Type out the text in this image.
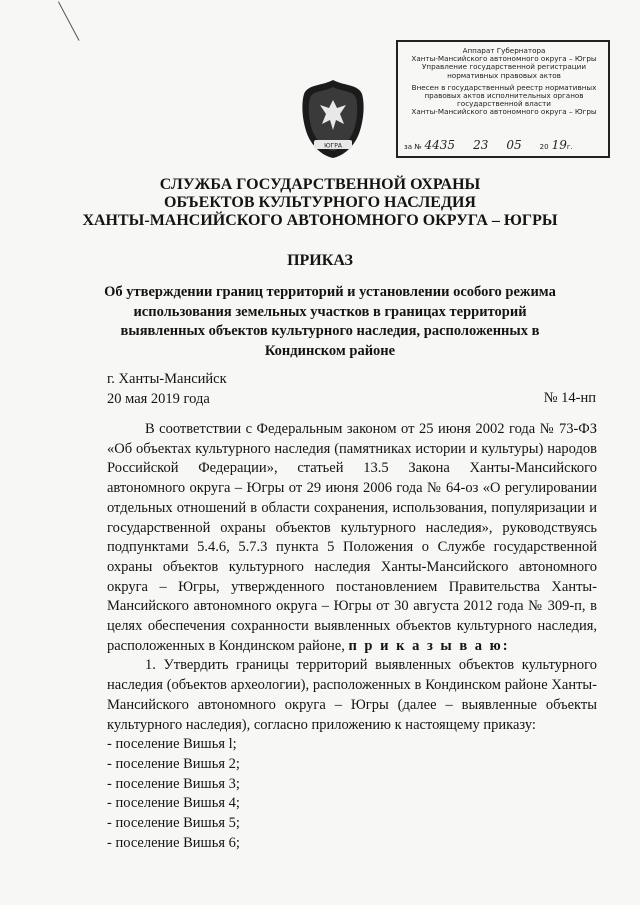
ЮГРА
Аппарат Губернатора
Ханты-Мансийского автономного округа – Югры
Управление государственной регистрации
нормативных правовых актов
Внесен в государственный реестр нормативных
правовых актов исполнительных органов
государственной власти
Ханты-Мансийского автономного округа – Югры
за № 4435 23 05	20 19 г.
СЛУЖБА ГОСУДАРСТВЕННОЙ ОХРАНЫ
ОБЪЕКТОВ КУЛЬТУРНОГО НАСЛЕДИЯ
ХАНТЫ-МАНСИЙСКОГО АВТОНОМНОГО ОКРУГА – ЮГРЫ
ПРИКАЗ
Об утверждении границ территорий и установлении особого режима использования земельных участков в границах территорий выявленных объектов культурного наследия, расположенных в Кондинском районе
г. Ханты-Мансийск
20 мая 2019 года	№ 14-нп

В соответствии с Федеральным законом от 25 июня 2002 года № 73-ФЗ «Об объектах культурного наследия (памятниках истории и культуры) народов Российской Федерации», статьей 13.5 Закона Ханты-Мансийского автономного округа – Югры от 29 июня 2006 года № 64-оз «О регулировании отдельных отношений в области сохранения, использования, популяризации и государственной охраны объектов культурного наследия», руководствуясь подпунктами 5.4.6, 5.7.3 пункта 5 Положения о Службе государственной охраны объектов культурного наследия Ханты-Мансийского автономного округа – Югры, утвержденного постановлением Правительства Ханты-Мансийского автономного округа – Югры от 30 августа 2012 года № 309-п, в целях обеспечения сохранности выявленных объектов культурного наследия, расположенных в Кондинском районе, п р и к а з ы в а ю:

1. Утвердить границы территорий выявленных объектов культурного наследия (объектов археологии), расположенных в Кондинском районе Ханты-Мансийского автономного округа – Югры (далее – выявленные объекты культурного наследия), согласно приложению к настоящему приказу:

- поселение Вишья l;
- поселение Вишья 2;
- поселение Вишья 3;
- поселение Вишья 4;
- поселение Вишья 5;
- поселение Вишья 6;
